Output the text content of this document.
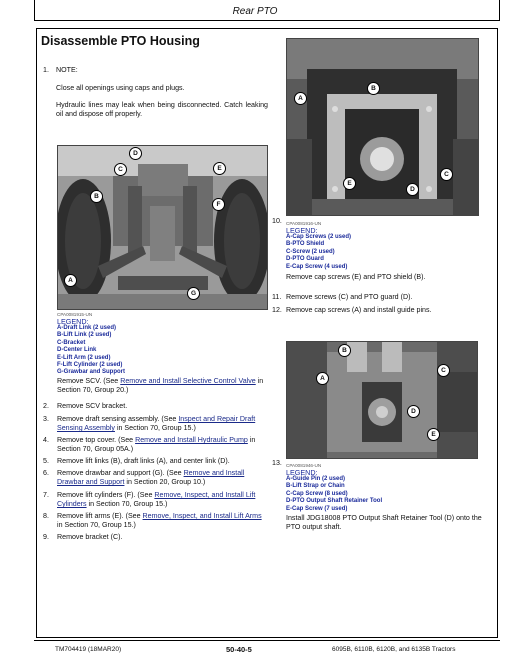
Rear PTO
Disassemble PTO Housing
1. NOTE:
Close all openings using caps and plugs.
Hydraulic lines may leak when being disconnected. Catch leaking oil and dispose off properly.
D
C	E
B
F
A
G
CPA0081915-UN
LEGEND:
A-Draft Link (2 used)
B-Lift Link (2 used)
C-Bracket
D-Center Link
E-Lift Arm (2 used)
F-Lift Cylinder (2 used)
G-Grawbar and Support
Remove SCV. (See Remove and Install Selective Control Valve in Section 70, Group 20.)
2. Remove SCV bracket.
3. Remove draft sensing assembly. (See Inspect and Repair Draft Sensing Assembly in Section 70, Group 15.)
4. Remove top cover. (See Remove and Install Hydraulic Pump in Section 70, Group 05A.)
5. Remove lift links (B), draft links (A), and center link (D).
6. Remove drawbar and support (G). (See Remove and Install Drawbar and Support in Section 20, Group 10.)
7. Remove lift cylinders (F). (See Remove, Inspect, and Install Lift Cylinders in Section 70, Group 15.)
8. Remove lift arms (E). (See Remove, Inspect, and Install Lift Arms in Section 70, Group 15.)
9. Remove bracket (C).
B
A
C
E
D
10. CPA0081916-UN
LEGEND:
A-Cap Screws (2 used)
B-PTO Shield
C-Screw (2 used)
D-PTO Guard
E-Cap Screw (4 used)
Remove cap screws (E) and PTO shield (B).
11. Remove screws (C) and PTO guard (D).
12. Remove cap screws (A) and install guide pins.
B
A
C
D
E
13. CPA0081946-UN
LEGEND:
A-Guide Pin (2 used)
B-Lift Strap or Chain
C-Cap Screw (8 used)
D-PTO Output Shaft Retainer Tool
E-Cap Screw (7 used)
Install JDG18008 PTO Output Shaft Retainer Tool (D) onto the PTO output shaft.
TM704419 (18MAR20)	50-40-5	6095B, 6110B, 6120B, and 6135B Tractors
